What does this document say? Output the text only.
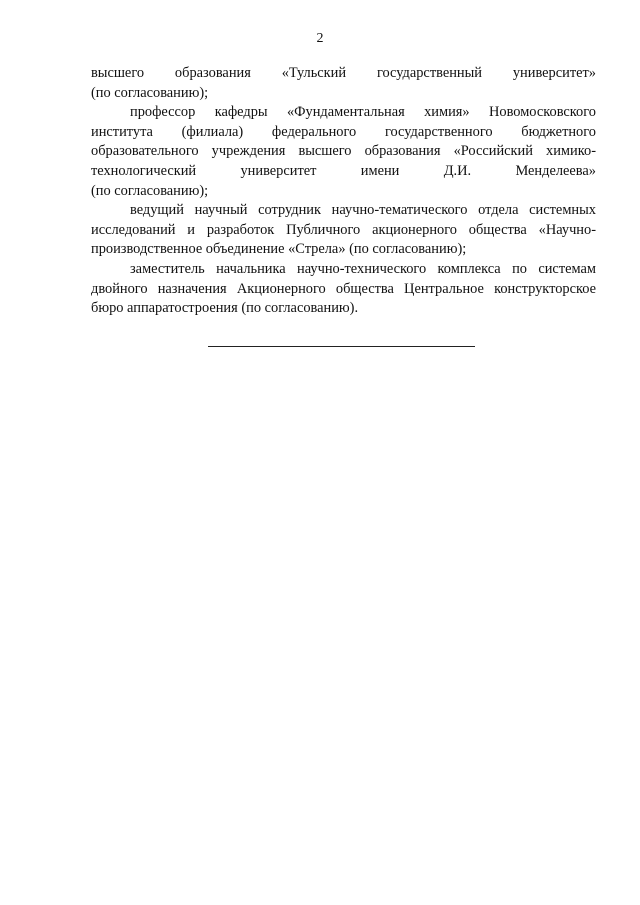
2

высшего образования «Тульский государственный университет»

(по согласованию);

профессор кафедры «Фундаментальная химия» Новомосковского

института (филиала) федерального государственного бюджетного

образовательного учреждения высшего образования «Российский химико-

технологический университет имени Д.И. Менделеева»

(по согласованию);

ведущий научный сотрудник научно-тематического отдела системных

исследований и разработок Публичного акционерного общества «Научно-

производственное объединение «Стрела» (по согласованию);

заместитель начальника научно-технического комплекса по системам

двойного назначения Акционерного общества Центральное конструкторское

бюро аппаратостроения (по согласованию).
